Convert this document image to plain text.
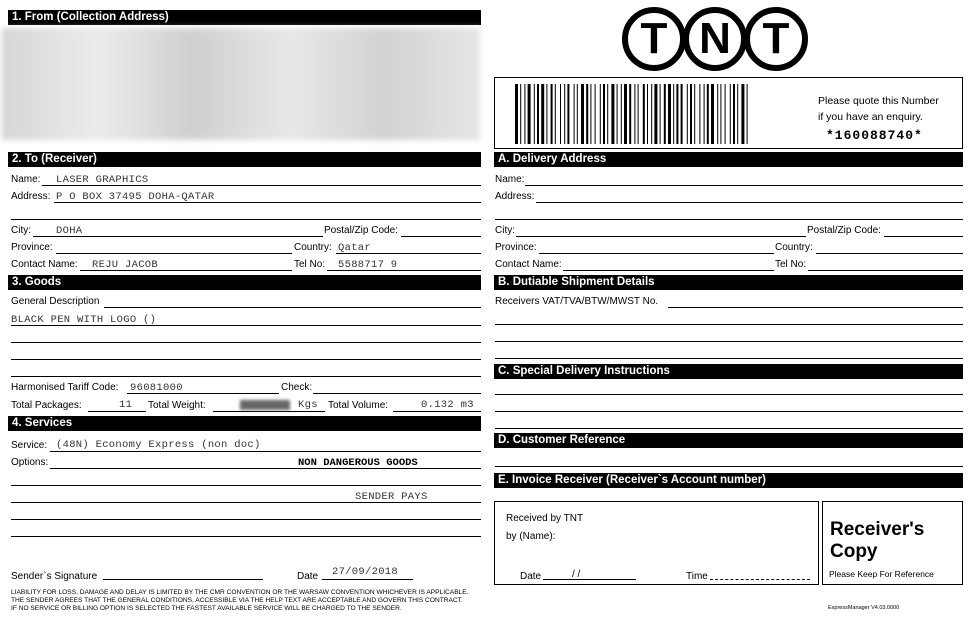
1. From (Collection Address)
2. To (Receiver)
Name: LASER GRAPHICS
Address: P O BOX 37495 DOHA-QATAR
City: DOHA	Postal/Zip Code:
Province:	Country: Qatar
Contact Name: REJU JACOB	Tel No: 5588717 9
3. Goods
General Description
BLACK PEN WITH LOGO ()
Harmonised Tariff Code: 96081000	Check:
Total Packages:	11 Total Weight:	Kgs Total Volume:	0.132 m3
4. Services
Service: (48N) Economy Express (non doc)
Options:	NON DANGEROUS GOODS
SENDER PAYS
Sender`s Signature	Date 27/09/2018
LIABILITY FOR LOSS, DAMAGE AND DELAY IS LIMITED BY THE CMR CONVENTION OR THE WARSAW CONVENTION WHICHEVER IS APPLICABLE.
THE SENDER AGREES THAT THE GENERAL CONDITIONS, ACCESSIBLE VIA THE HELP TEXT ARE ACCEPTABLE AND GOVERN THIS CONTRACT.
IF NO SERVICE OR BILLING OPTION IS SELECTED THE FASTEST AVAILABLE SERVICE WILL BE CHARGED TO THE SENDER.
T N T
Please quote this Number
if you have an enquiry.
*160088740*
A. Delivery Address
Name:
Address:
City:	Postal/Zip Code:
Province:	Country:
Contact Name:	Tel No:
B. Dutiable Shipment Details
Receivers VAT/TVA/BTW/MWST No.
C. Special Delivery Instructions
D. Customer Reference
E. Invoice Receiver (Receiver`s Account number)
Received by TNT
by (Name):
Date	/ /	Time
Receiver's
Copy
Please Keep For Reference
ExpressManager V4.03.0000
